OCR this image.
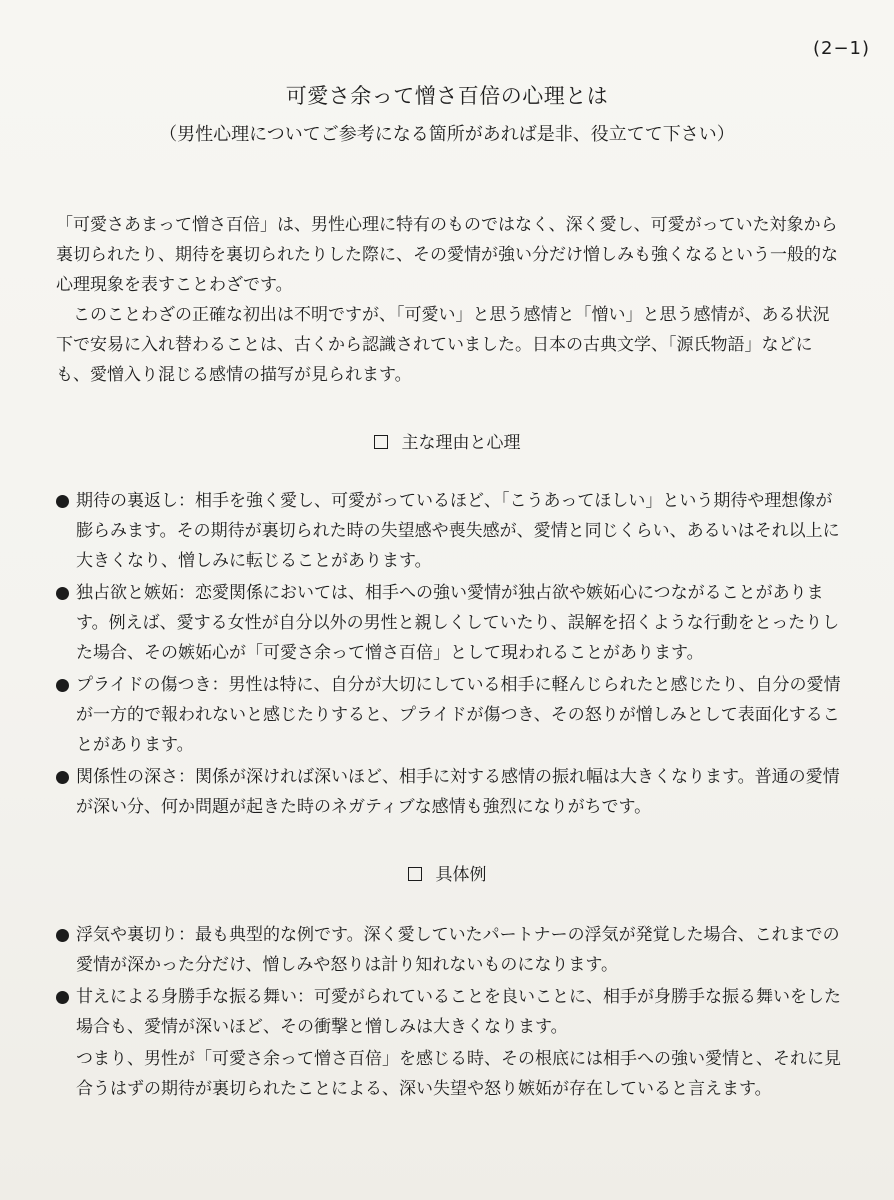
(2−1)
可愛さ余って憎さ百倍の心理とは
（男性心理についてご参考になる箇所があれば是非、役立てて下さい）

「可愛さあまって憎さ百倍」は、男性心理に特有のものではなく、深く愛し、可愛がっていた対象から裏切られたり、期待を裏切られたりした際に、その愛情が強い分だけ憎しみも強くなるという一般的な心理現象を表すことわざです。

このことわざの正確な初出は不明ですが、「可愛い」と思う感情と「憎い」と思う感情が、ある状況下で安易に入れ替わることは、古くから認識されていました。日本の古典文学、「源氏物語」などにも、愛憎入り混じる感情の描写が見られます。

主な理由と心理
期待の裏返し：相手を強く愛し、可愛がっているほど、「こうあってほしい」という期待や理想像が膨らみます。その期待が裏切られた時の失望感や喪失感が、愛情と同じくらい、あるいはそれ以上に大きくなり、憎しみに転じることがあります。
独占欲と嫉妬：恋愛関係においては、相手への強い愛情が独占欲や嫉妬心につながることがあります。例えば、愛する女性が自分以外の男性と親しくしていたり、誤解を招くような行動をとったりした場合、その嫉妬心が「可愛さ余って憎さ百倍」として現われることがあります。
プライドの傷つき：男性は特に、自分が大切にしている相手に軽んじられたと感じたり、自分の愛情が一方的で報われないと感じたりすると、プライドが傷つき、その怒りが憎しみとして表面化することがあります。
関係性の深さ：関係が深ければ深いほど、相手に対する感情の振れ幅は大きくなります。普通の愛情が深い分、何か問題が起きた時のネガティブな感情も強烈になりがちです。
具体例
浮気や裏切り：最も典型的な例です。深く愛していたパートナーの浮気が発覚した場合、これまでの愛情が深かった分だけ、憎しみや怒りは計り知れないものになります。
甘えによる身勝手な振る舞い：可愛がられていることを良いことに、相手が身勝手な振る舞いをした場合も、愛情が深いほど、その衝撃と憎しみは大きくなります。

つまり、男性が「可愛さ余って憎さ百倍」を感じる時、その根底には相手への強い愛情と、それに見合うはずの期待が裏切られたことによる、深い失望や怒り嫉妬が存在していると言えます。
